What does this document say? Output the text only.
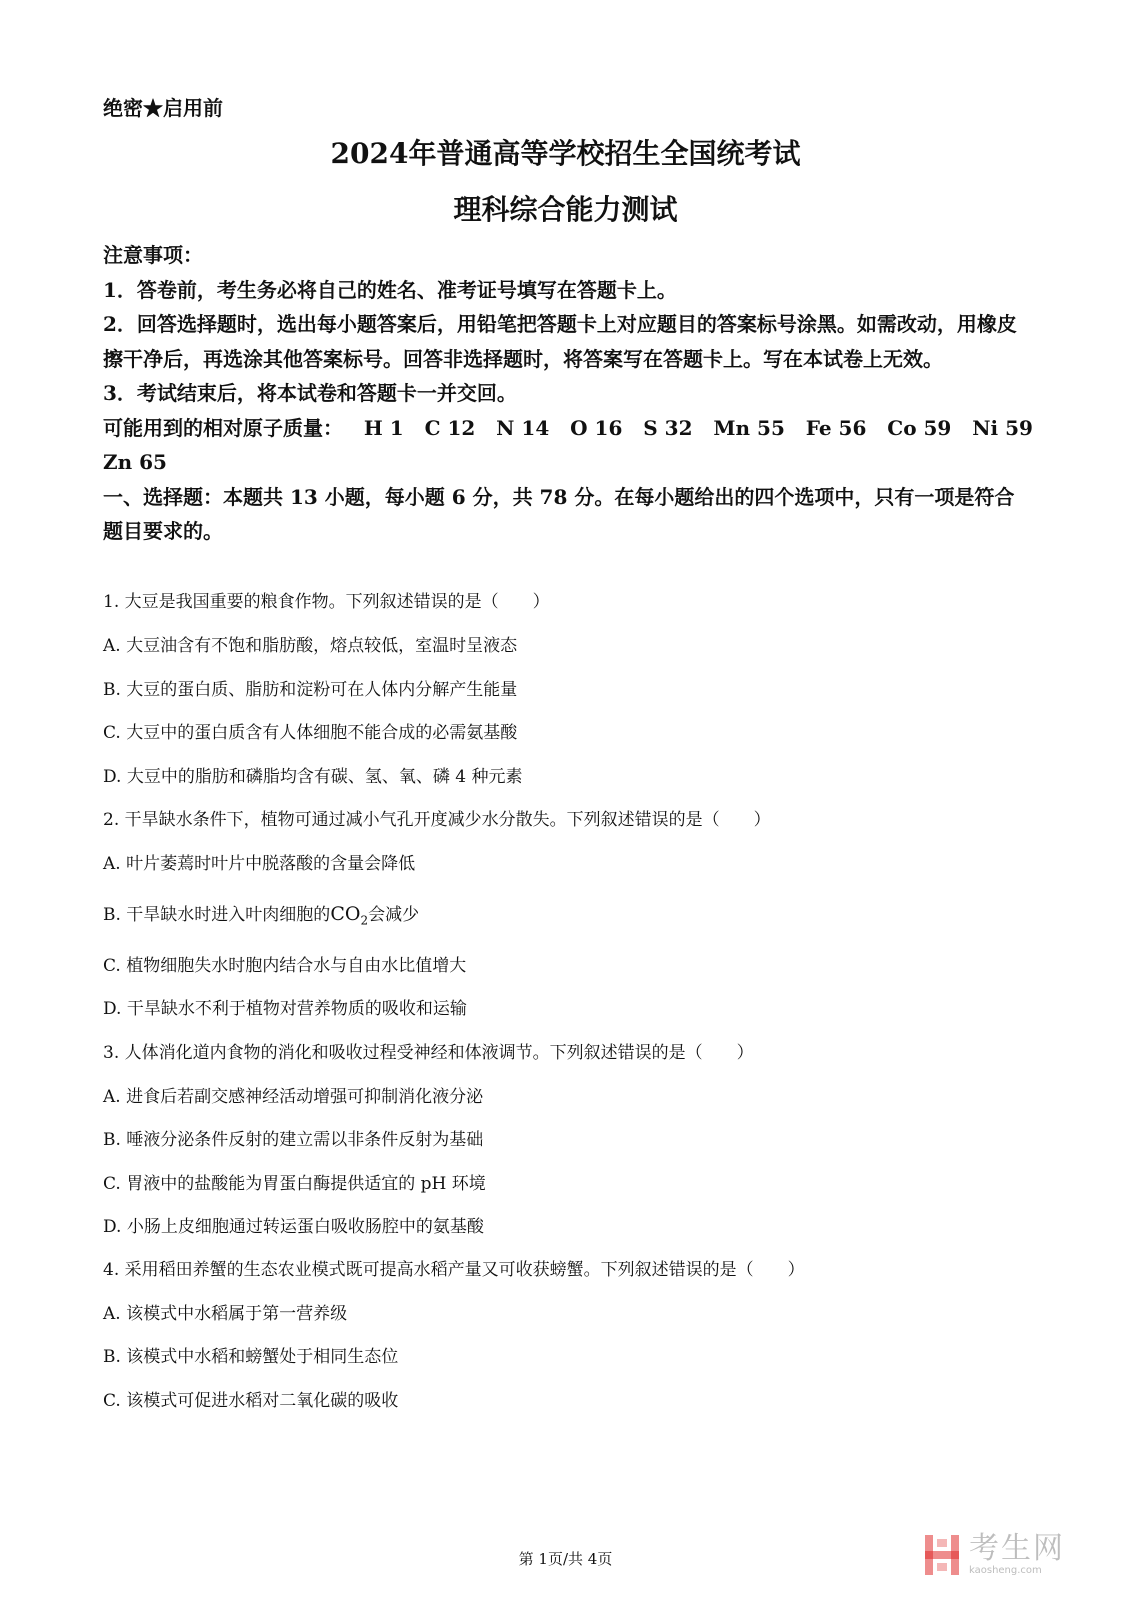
绝密★启用前
2024年普通高等学校招生全国统考试
理科综合能力测试

注意事项：

1．答卷前，考生务必将自己的姓名、准考证号填写在答题卡上。

2．回答选择题时，选出每小题答案后，用铅笔把答题卡上对应题目的答案标号涂黑。如需改动，用橡皮擦干净后，再选涂其他答案标号。回答非选择题时，将答案写在答题卡上。写在本试卷上无效。

3．考试结束后，将本试卷和答题卡一并交回。

可能用到的相对原子质量： H 1 C 12 N 14 O 16 S 32 Mn 55 Fe 56 Co 59 Ni 59

Zn 65

一、选择题：本题共 13 小题，每小题 6 分，共 78 分。在每小题给出的四个选项中，只有一项是符合题目要求的。

1. 大豆是我国重要的粮食作物。下列叙述错误的是（　　）
A. 大豆油含有不饱和脂肪酸，熔点较低，室温时呈液态
B. 大豆的蛋白质、脂肪和淀粉可在人体内分解产生能量
C. 大豆中的蛋白质含有人体细胞不能合成的必需氨基酸
D. 大豆中的脂肪和磷脂均含有碳、氢、氧、磷 4 种元素
2. 干旱缺水条件下，植物可通过减小气孔开度减少水分散失。下列叙述错误的是（　　）
A. 叶片萎蔫时叶片中脱落酸的含量会降低
B. 干旱缺水时进入叶肉细胞的$CO_2$会减少
C. 植物细胞失水时胞内结合水与自由水比值增大
D. 干旱缺水不利于植物对营养物质的吸收和运输
3. 人体消化道内食物的消化和吸收过程受神经和体液调节。下列叙述错误的是（　　）
A. 进食后若副交感神经活动增强可抑制消化液分泌
B. 唾液分泌条件反射的建立需以非条件反射为基础
C. 胃液中的盐酸能为胃蛋白酶提供适宜的 pH 环境
D. 小肠上皮细胞通过转运蛋白吸收肠腔中的氨基酸
4. 采用稻田养蟹的生态农业模式既可提高水稻产量又可收获螃蟹。下列叙述错误的是（　　）
A. 该模式中水稻属于第一营养级
B. 该模式中水稻和螃蟹处于相同生态位
C. 该模式可促进水稻对二氧化碳的吸收
第 1页/共 4页	考生网
kaosheng.com
